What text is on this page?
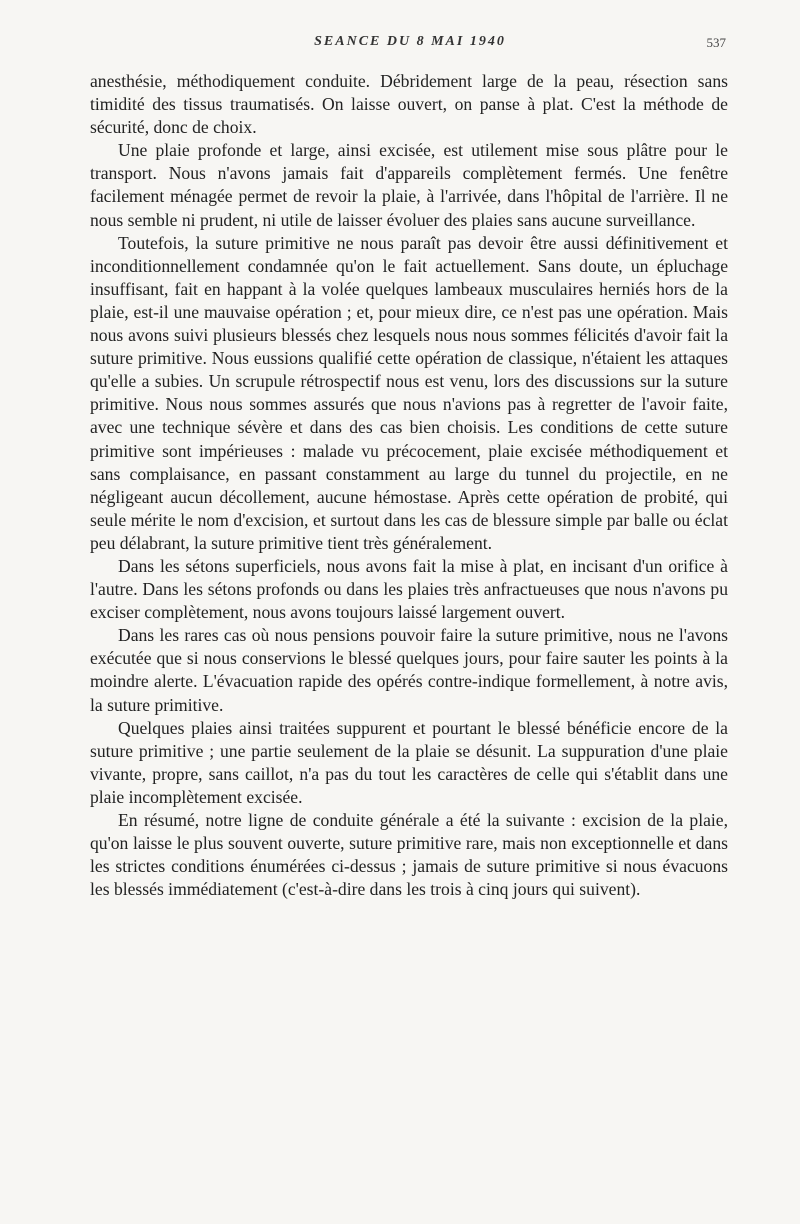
SEANCE DU 8 MAI 1940	537

anesthésie, méthodiquement conduite. Débridement large de la peau, résection sans timidité des tissus traumatisés. On laisse ouvert, on panse à plat. C'est la méthode de sécurité, donc de choix.

Une plaie profonde et large, ainsi excisée, est utilement mise sous plâtre pour le transport. Nous n'avons jamais fait d'appareils complètement fermés. Une fenêtre facilement ménagée permet de revoir la plaie, à l'arrivée, dans l'hôpital de l'arrière. Il ne nous semble ni prudent, ni utile de laisser évoluer des plaies sans aucune surveillance.

Toutefois, la suture primitive ne nous paraît pas devoir être aussi définitivement et inconditionnellement condamnée qu'on le fait actuellement. Sans doute, un épluchage insuffisant, fait en happant à la volée quelques lambeaux musculaires herniés hors de la plaie, est-il une mauvaise opération ; et, pour mieux dire, ce n'est pas une opération. Mais nous avons suivi plusieurs blessés chez lesquels nous nous sommes félicités d'avoir fait la suture primitive. Nous eussions qualifié cette opération de classique, n'étaient les attaques qu'elle a subies. Un scrupule rétrospectif nous est venu, lors des discussions sur la suture primitive. Nous nous sommes assurés que nous n'avions pas à regretter de l'avoir faite, avec une technique sévère et dans des cas bien choisis. Les conditions de cette suture primitive sont impérieuses : malade vu précocement, plaie excisée méthodiquement et sans complaisance, en passant constamment au large du tunnel du projectile, en ne négligeant aucun décollement, aucune hémostase. Après cette opération de probité, qui seule mérite le nom d'excision, et surtout dans les cas de blessure simple par balle ou éclat peu délabrant, la suture primitive tient très généralement.

Dans les sétons superficiels, nous avons fait la mise à plat, en incisant d'un orifice à l'autre. Dans les sétons profonds ou dans les plaies très anfractueuses que nous n'avons pu exciser complètement, nous avons toujours laissé largement ouvert.

Dans les rares cas où nous pensions pouvoir faire la suture primitive, nous ne l'avons exécutée que si nous conservions le blessé quelques jours, pour faire sauter les points à la moindre alerte. L'évacuation rapide des opérés contre-indique formellement, à notre avis, la suture primitive.

Quelques plaies ainsi traitées suppurent et pourtant le blessé bénéficie encore de la suture primitive ; une partie seulement de la plaie se désunit. La suppuration d'une plaie vivante, propre, sans caillot, n'a pas du tout les caractères de celle qui s'établit dans une plaie incomplètement excisée.

En résumé, notre ligne de conduite générale a été la suivante : excision de la plaie, qu'on laisse le plus souvent ouverte, suture primitive rare, mais non exceptionnelle et dans les strictes conditions énumérées ci-dessus ; jamais de suture primitive si nous évacuons les blessés immédiatement (c'est-à-dire dans les trois à cinq jours qui suivent).
